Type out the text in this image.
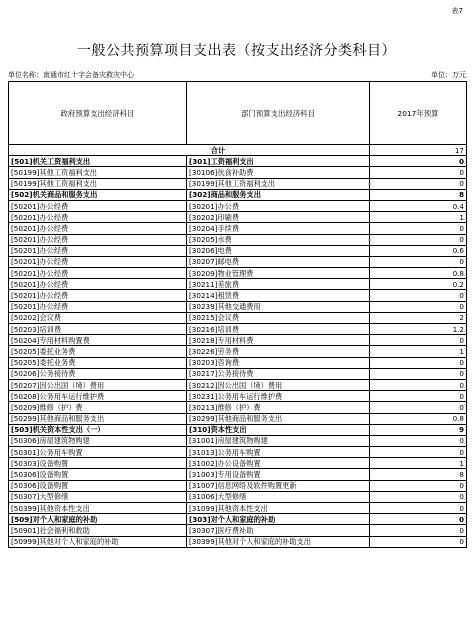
表7
一般公共预算项目支出表（按支出经济分类科目）
单位名称：南通市红十字会备灾救灾中心	单位：万元
政府预算支出经济科目	部门预算支出经济科目	2017年预算
合计		17
[501]机关工资福利支出	[301]工资福利支出	0
[50199]其他工资福利支出	[30106]伙食补助费	0
[50199]其他工资福利支出	[30199]其他工资福利支出	0
[502]机关商品和服务支出	[302]商品和服务支出	8
[50201]办公经费	[30201]办公费	0.4
[50201]办公经费	[30202]印刷费	1
[50201]办公经费	[30204]手续费	0
[50201]办公经费	[30205]水费	0
[50201]办公经费	[30206]电费	0.6
[50201]办公经费	[30207]邮电费	0
[50201]办公经费	[30209]物业管理费	0.8
[50201]办公经费	[30211]差旅费	0.2
[50201]办公经费	[30214]租赁费	0
[50201]办公经费	[30239]其他交通费用	0
[50202]会议费	[30215]会议费	2
[50203]培训费	[30216]培训费	1.2
[50204]专用材料购置费	[30218]专用材料费	0
[50205]委托业务费	[30226]劳务费	1
[50205]委托业务费	[30203]咨询费	0
[50206]公务接待费	[30217]公务接待费	0
[50207]因公出国（境）费用	[30212]因公出国（境）费用	0
[50208]公务用车运行维护费	[30231]公务用车运行维护费	0
[50209]维修（护）费	[30213]维修（护）费	0
[50299]其他商品和服务支出	[30299]其他商品和服务支出	0.8
[503]机关资本性支出（一）	[310]资本性支出	9
[50306]房屋建筑物购建	[31001]房屋建筑物购建	0
[50301]公务用车购置	[31013]公务用车购置	0
[50303]设备购置	[31002]办公设备购置	1
[50306]设备购置	[31003]专用设备购置	8
[50306]设备购置	[31007]信息网络及软件购置更新	0
[50307]大型修缮	[31006]大型修缮	0
[50399]其他资本性支出	[31099]其他资本性支出	0
[509]对个人和家庭的补助	[303]对个人和家庭的补助	0
[50901]社会福利和救助	[30307]医疗费补助	0
[50999]其他对个人和家庭的补助	[30399]其他对个人和家庭的补助支出	0
